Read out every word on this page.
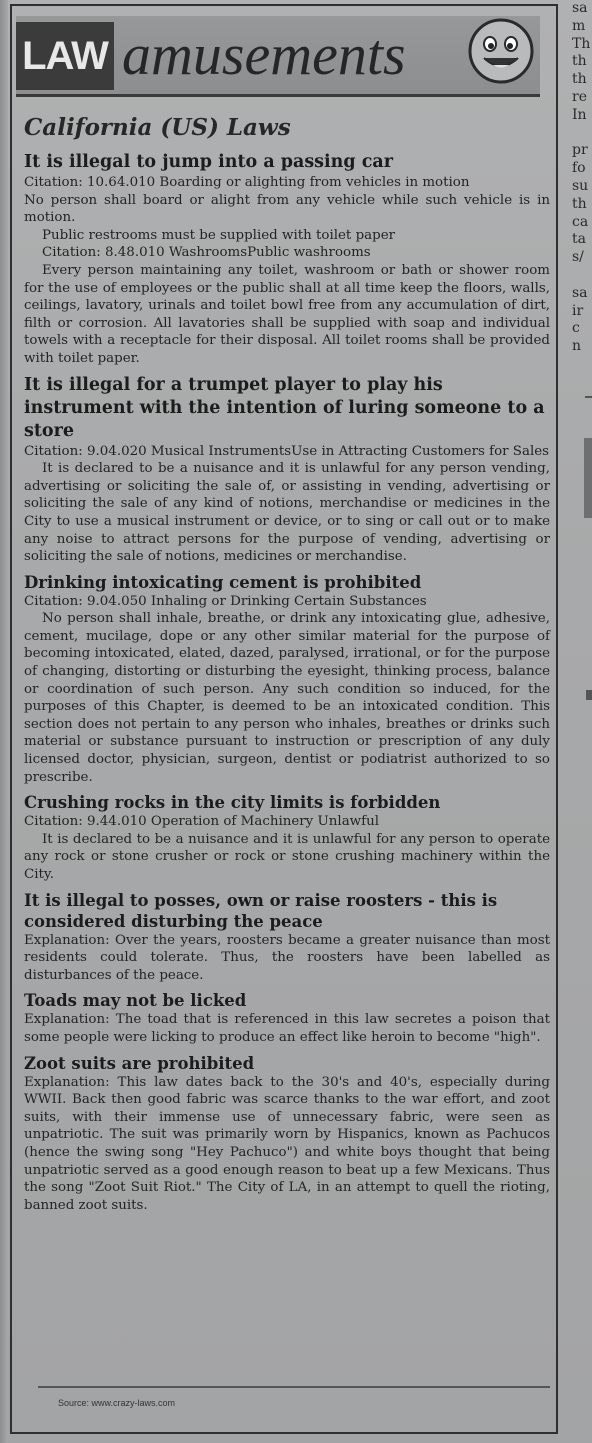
LAW amusements
California (US) Laws
It is illegal to jump into a passing car

Citation: 10.64.010 Boarding or alighting from vehicles in motion

No person shall board or alight from any vehicle while such vehicle is in motion.

Public restrooms must be supplied with toilet paper

Citation: 8.48.010 WashroomsPublic washrooms

Every person maintaining any toilet, washroom or bath or shower room for the use of employees or the public shall at all time keep the floors, walls, ceilings, lavatory, urinals and toilet bowl free from any accumulation of dirt, filth or corrosion. All lavatories shall be supplied with soap and individual towels with a receptacle for their disposal. All toilet rooms shall be provided with toilet paper.

It is illegal for a trumpet player to play his instrument with the intention of luring someone to a store

Citation: 9.04.020 Musical InstrumentsUse in Attracting Customers for Sales

It is declared to be a nuisance and it is unlawful for any person vending, advertising or soliciting the sale of, or assisting in vending, advertising or soliciting the sale of any kind of notions, merchandise or medicines in the City to use a musical instrument or device, or to sing or call out or to make any noise to attract persons for the purpose of vending, advertising or soliciting the sale of notions, medicines or merchandise.

Drinking intoxicating cement is prohibited

Citation: 9.04.050 Inhaling or Drinking Certain Substances

No person shall inhale, breathe, or drink any intoxicating glue, adhesive, cement, mucilage, dope or any other similar material for the purpose of becoming intoxicated, elated, dazed, paralysed, irrational, or for the purpose of changing, distorting or disturbing the eyesight, thinking process, balance or coordination of such person. Any such condition so induced, for the purposes of this Chapter, is deemed to be an intoxicated condition. This section does not pertain to any person who inhales, breathes or drinks such material or substance pursuant to instruction or prescription of any duly licensed doctor, physician, surgeon, dentist or podiatrist authorized to so prescribe.

Crushing rocks in the city limits is forbidden

Citation: 9.44.010 Operation of Machinery Unlawful

It is declared to be a nuisance and it is unlawful for any person to operate any rock or stone crusher or rock or stone crushing machinery within the City.

It is illegal to posses, own or raise roosters - this is considered disturbing the peace

Explanation: Over the years, roosters became a greater nuisance than most residents could tolerate. Thus, the roosters have been labelled as disturbances of the peace.

Toads may not be licked

Explanation: The toad that is referenced in this law secretes a poison that some people were licking to produce an effect like heroin to become "high".

Zoot suits are prohibited

Explanation: This law dates back to the 30's and 40's, especially during WWII. Back then good fabric was scarce thanks to the war effort, and zoot suits, with their immense use of unnecessary fabric, were seen as unpatriotic. The suit was primarily worn by Hispanics, known as Pachucos (hence the swing song "Hey Pachuco") and white boys thought that being unpatriotic served as a good enough reason to beat up a few Mexicans. Thus the song "Zoot Suit Riot." The City of LA, in an attempt to quell the rioting, banned zoot suits.

Source: www.crazy-laws.com
sa
m
Th
th
th
re
In

pr
fo
su
th
ca
ta
s/

sa
ir
c
n
